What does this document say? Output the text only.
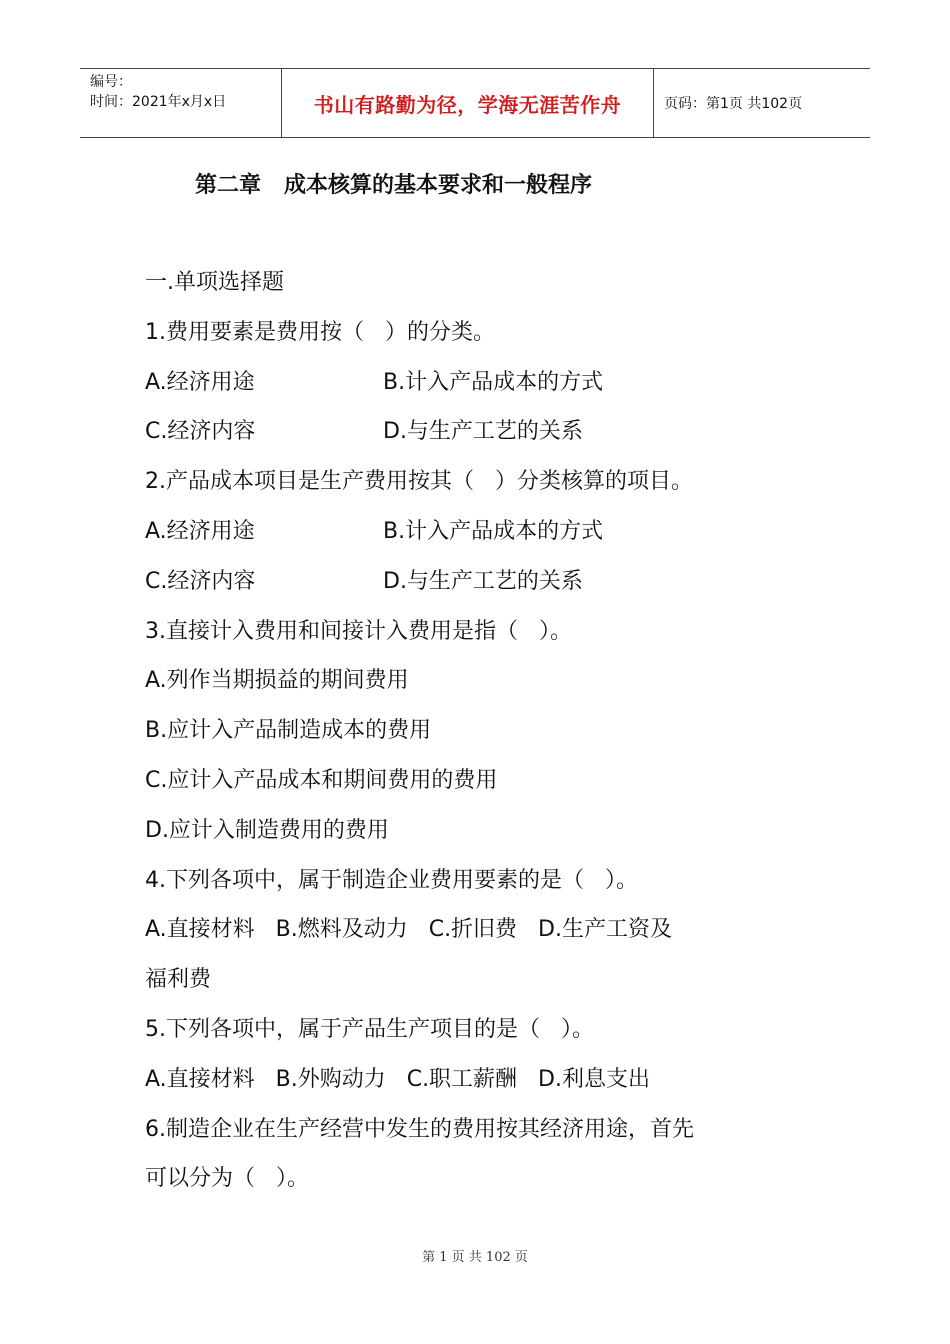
编号：
时间：2021年x月x日	书山有路勤为径，学海无涯苦作舟	页码：第1页 共102页
第二章   成本核算的基本要求和一般程序
一.单项选择题
1.费用要素是费用按（   ）的分类。
A.经济用途	B.计入产品成本的方式
C.经济内容	D.与生产工艺的关系
2.产品成本项目是生产费用按其（   ）分类核算的项目。
A.经济用途	B.计入产品成本的方式
C.经济内容	D.与生产工艺的关系
3.直接计入费用和间接计入费用是指（   ）。
A.列作当期损益的期间费用
B.应计入产品制造成本的费用
C.应计入产品成本和期间费用的费用
D.应计入制造费用的费用
4.下列各项中，属于制造企业费用要素的是（   ）。
A.直接材料   B.燃料及动力   C.折旧费   D.生产工资及
福利费
5.下列各项中，属于产品生产项目的是（   ）。
A.直接材料   B.外购动力   C.职工薪酬   D.利息支出
6.制造企业在生产经营中发生的费用按其经济用途，首先
可以分为（   ）。
第 1 页 共 102 页
